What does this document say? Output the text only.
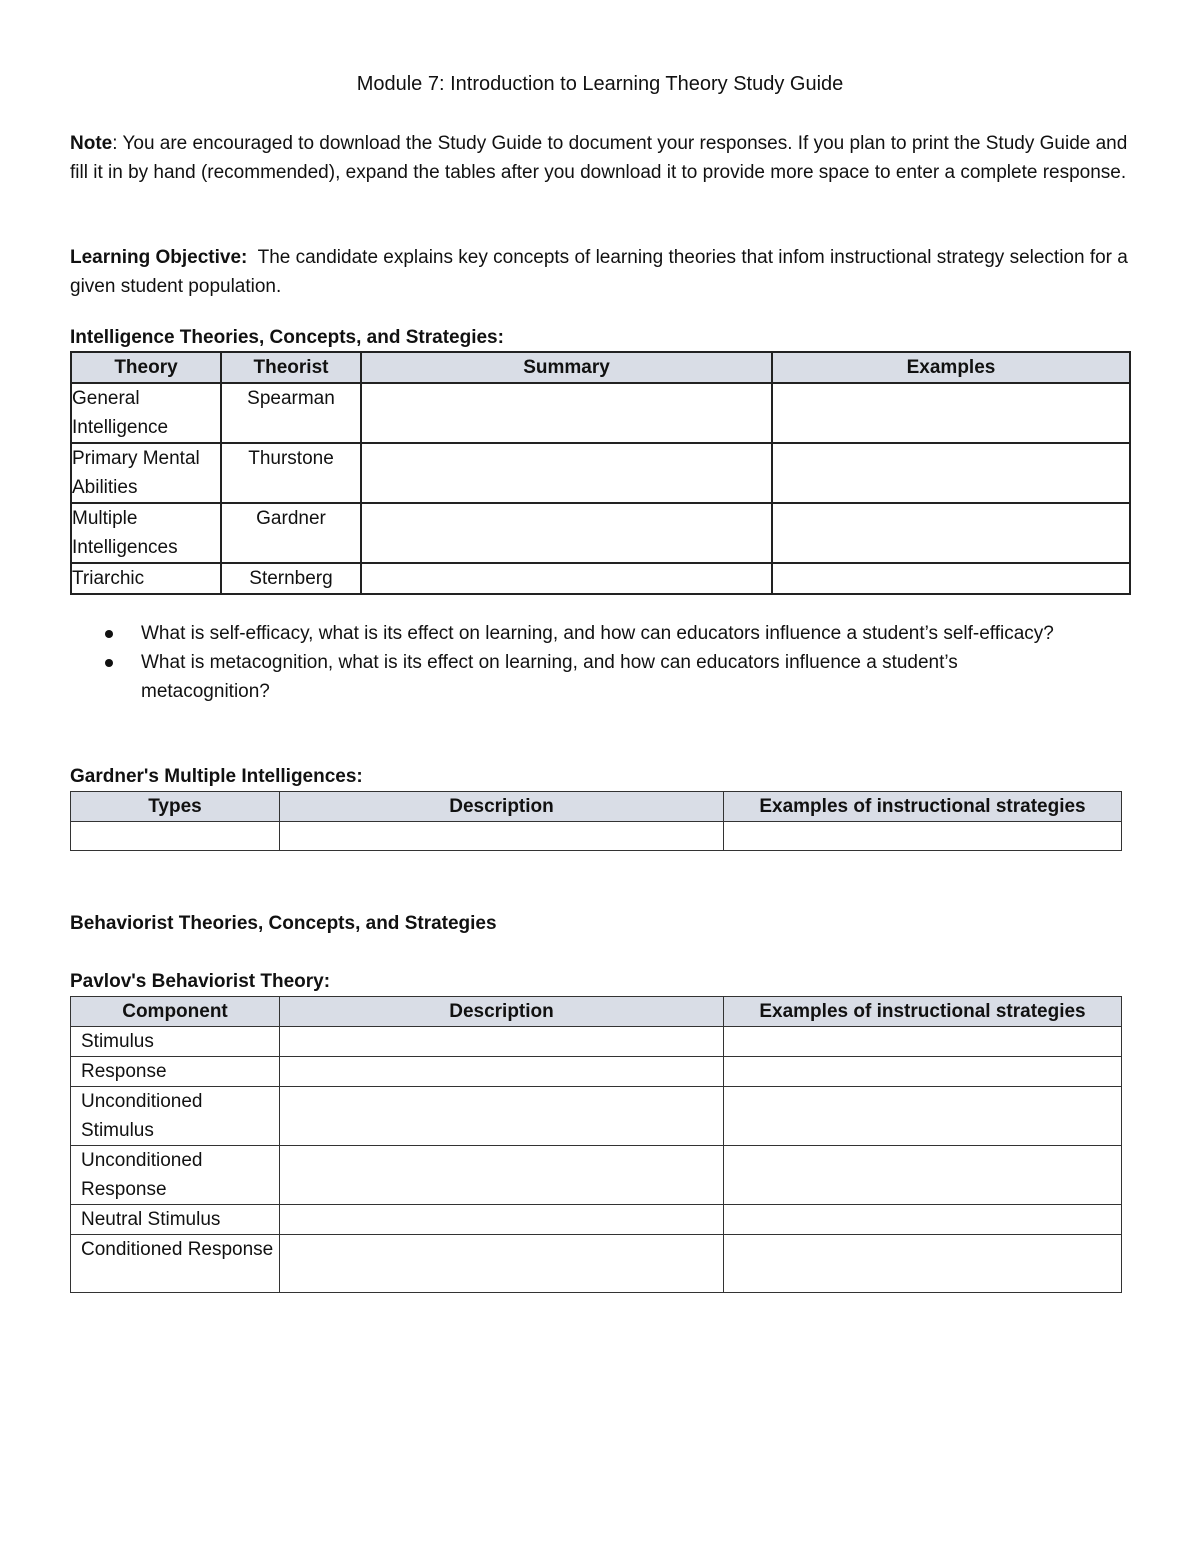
Module 7: Introduction to Learning Theory Study Guide
Note: You are encouraged to download the Study Guide to document your responses. If you plan to print the Study Guide and fill it in by hand (recommended), expand the tables after you download it to provide more space to enter a complete response.
Learning Objective:  The candidate explains key concepts of learning theories that infom instructional strategy selection for a given student population.
Intelligence Theories, Concepts, and Strategies:
Theory	Theorist	Summary	Examples
General Intelligence	Spearman		
Primary Mental Abilities	Thurstone		
Multiple Intelligences	Gardner		
Triarchic	Sternberg		
What is self-efficacy, what is its effect on learning, and how can educators influence a student’s self-efficacy?
What is metacognition, what is its effect on learning, and how can educators influence a student’s metacognition?
Gardner's Multiple Intelligences:
Types	Description	Examples of instructional strategies

Behaviorist Theories, Concepts, and Strategies
Pavlov's Behaviorist Theory:
Component	Description	Examples of instructional strategies
Stimulus		
Response		
Unconditioned Stimulus		
Unconditioned Response		
Neutral Stimulus		
Conditioned Response		
